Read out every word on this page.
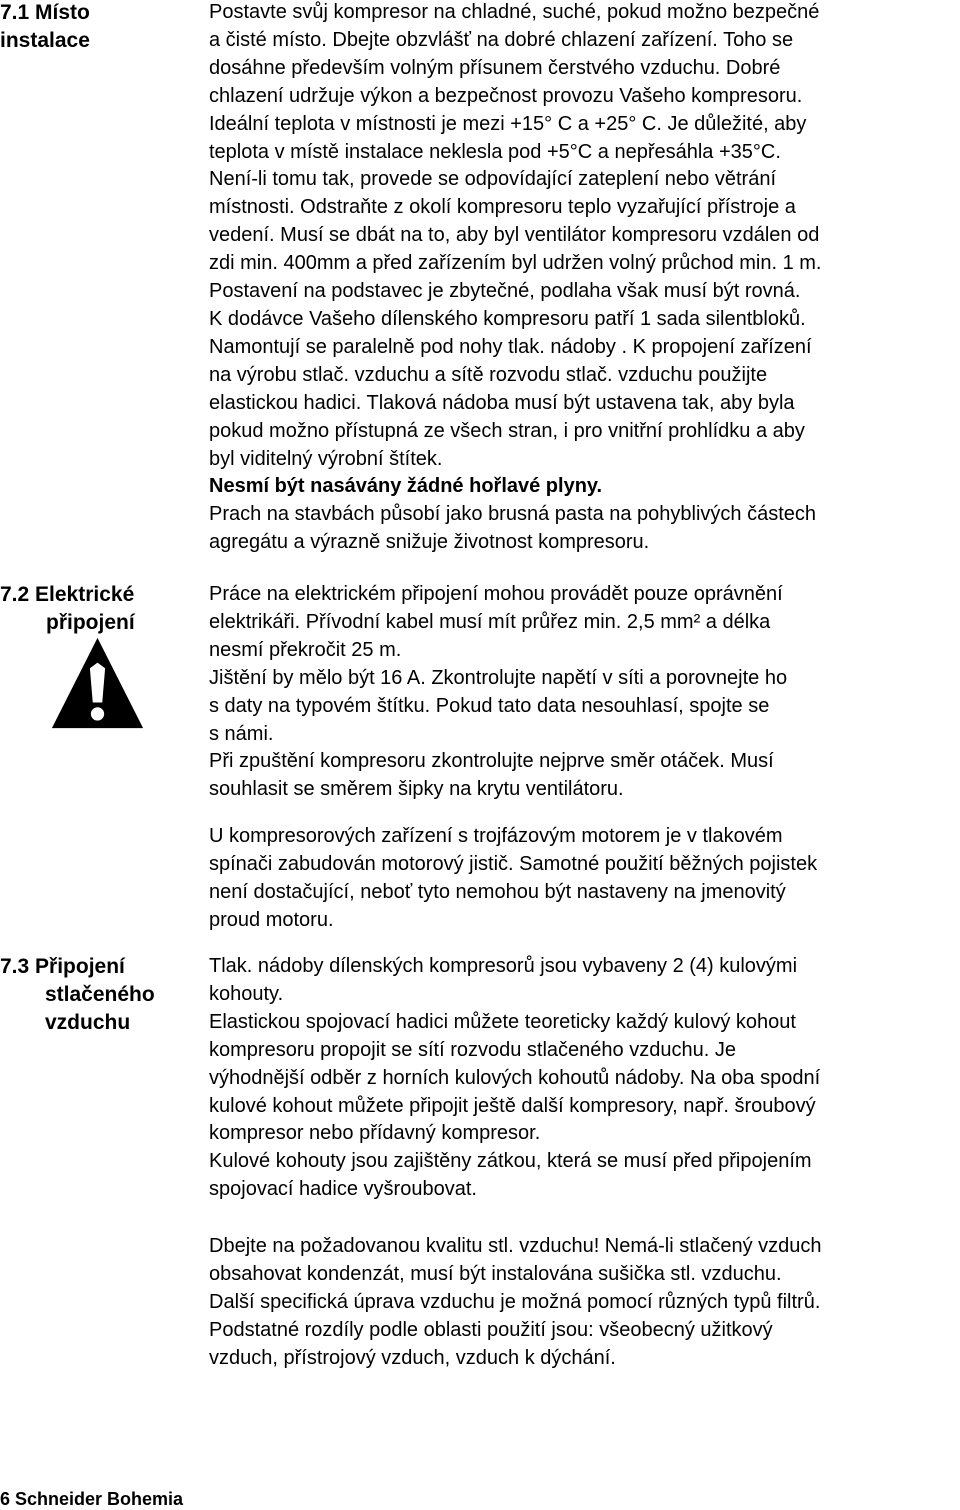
7.1 Místo
instalace
Postavte svůj kompresor na chladné, suché, pokud možno bezpečné
a čisté místo. Dbejte obzvlášť na dobré chlazení zařízení. Toho se
dosáhne především volným přísunem čerstvého vzduchu. Dobré
chlazení udržuje výkon a bezpečnost provozu Vašeho kompresoru.
Ideální teplota v místnosti je mezi +15° C a +25° C. Je důležité, aby
teplota v místě instalace neklesla pod +5°C a nepřesáhla +35°C.
Není-li tomu tak, provede se odpovídající zateplení nebo větrání
místnosti. Odstraňte z okolí kompresoru teplo vyzařující přístroje a
vedení. Musí se dbát na to, aby byl ventilátor kompresoru vzdálen od
zdi min. 400mm a před zařízením byl udržen volný průchod min. 1 m.
Postavení na podstavec je zbytečné, podlaha však musí být rovná.
K dodávce Vašeho dílenského kompresoru patří 1 sada silentbloků.
Namontují se paralelně pod nohy tlak. nádoby . K propojení zařízení
na výrobu stlač. vzduchu a sítě rozvodu stlač. vzduchu použijte
elastickou hadici. Tlaková nádoba musí být ustavena tak, aby byla
pokud možno přístupná ze všech stran, i pro vnitřní prohlídku a aby
byl viditelný výrobní štítek.
Nesmí být nasávány žádné hořlavé plyny.
Prach na stavbách působí jako brusná pasta na pohyblivých částech
agregátu a výrazně snižuje životnost kompresoru.
7.2 Elektrické
připojení
Práce na elektrickém připojení mohou provádět pouze oprávnění
elektrikáři. Přívodní kabel musí mít průřez min. 2,5 mm² a délka
nesmí překročit 25 m.
Jištění by mělo být 16 A. Zkontrolujte napětí v síti a porovnejte ho
s daty na typovém štítku. Pokud tato data nesouhlasí, spojte se
s námi.
Při zpuštění kompresoru zkontrolujte nejprve směr otáček. Musí
souhlasit se směrem šipky na krytu ventilátoru.
U kompresorových zařízení s trojfázovým motorem je v tlakovém
spínači zabudován motorový jistič. Samotné použití běžných pojistek
není dostačující, neboť tyto nemohou být nastaveny na jmenovitý
proud motoru.
7.3 Připojení
stlačeného
vzduchu
Tlak. nádoby dílenských kompresorů jsou vybaveny 2 (4) kulovými
kohouty.
Elastickou spojovací hadici můžete teoreticky každý kulový kohout
kompresoru propojit se sítí rozvodu stlačeného vzduchu. Je
výhodnější odběr z horních kulových kohoutů nádoby. Na oba spodní
kulové kohout můžete připojit ještě další kompresory, např. šroubový
kompresor nebo přídavný kompresor.
Kulové kohouty jsou zajištěny zátkou, která se musí před připojením
spojovací hadice vyšroubovat.
Dbejte na požadovanou kvalitu stl. vzduchu! Nemá-li stlačený vzduch
obsahovat kondenzát, musí být instalována sušička stl. vzduchu.
Další specifická úprava vzduchu je možná pomocí různých typů filtrů.
Podstatné rozdíly podle oblasti použití jsou: všeobecný užitkový
vzduch, přístrojový vzduch, vzduch k dýchání.
6 Schneider Bohemia
